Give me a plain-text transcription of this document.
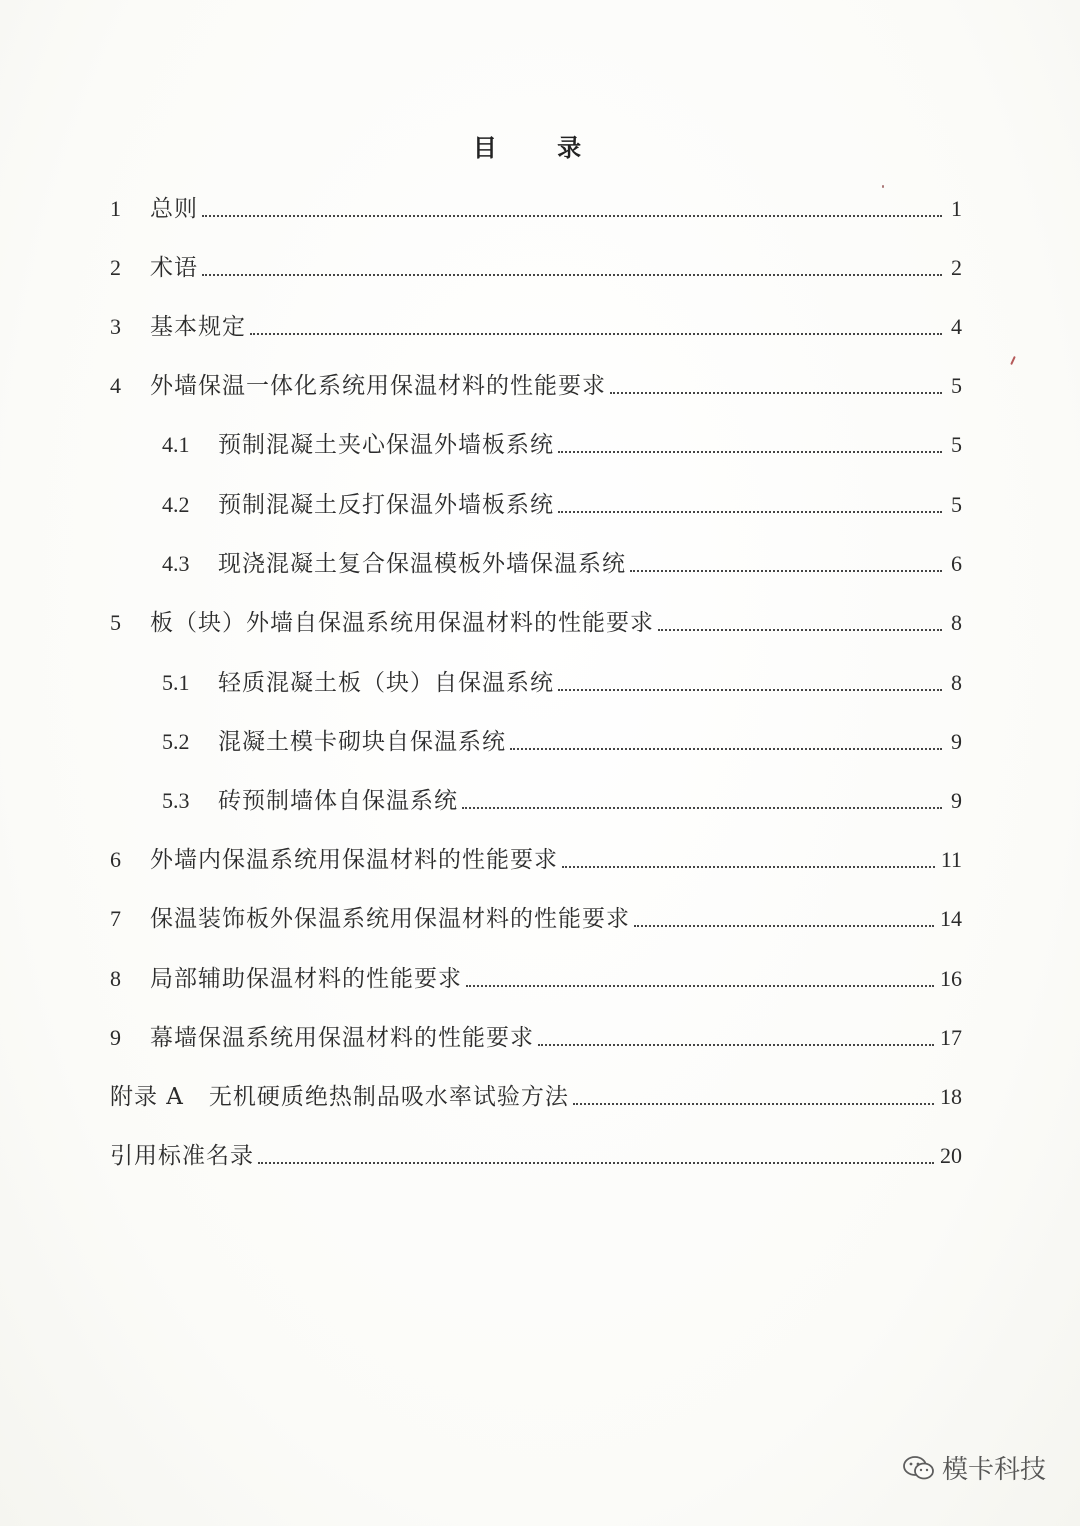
目 录
1	总则	1
2	术语	2
3	基本规定	4
4	外墙保温一体化系统用保温材料的性能要求	5
4.1	预制混凝土夹心保温外墙板系统	5
4.2	预制混凝土反打保温外墙板系统	5
4.3	现浇混凝土复合保温模板外墙保温系统	6
5	板（块）外墙自保温系统用保温材料的性能要求	8
5.1	轻质混凝土板（块）自保温系统	8
5.2	混凝土模卡砌块自保温系统	9
5.3	砖预制墙体自保温系统	9
6	外墙内保温系统用保温材料的性能要求	11
7	保温装饰板外保温系统用保温材料的性能要求	14
8	局部辅助保温材料的性能要求	16
9	幕墙保温系统用保温材料的性能要求	17
附录 A   无机硬质绝热制品吸水率试验方法	18
引用标准名录	20
模卡科技
